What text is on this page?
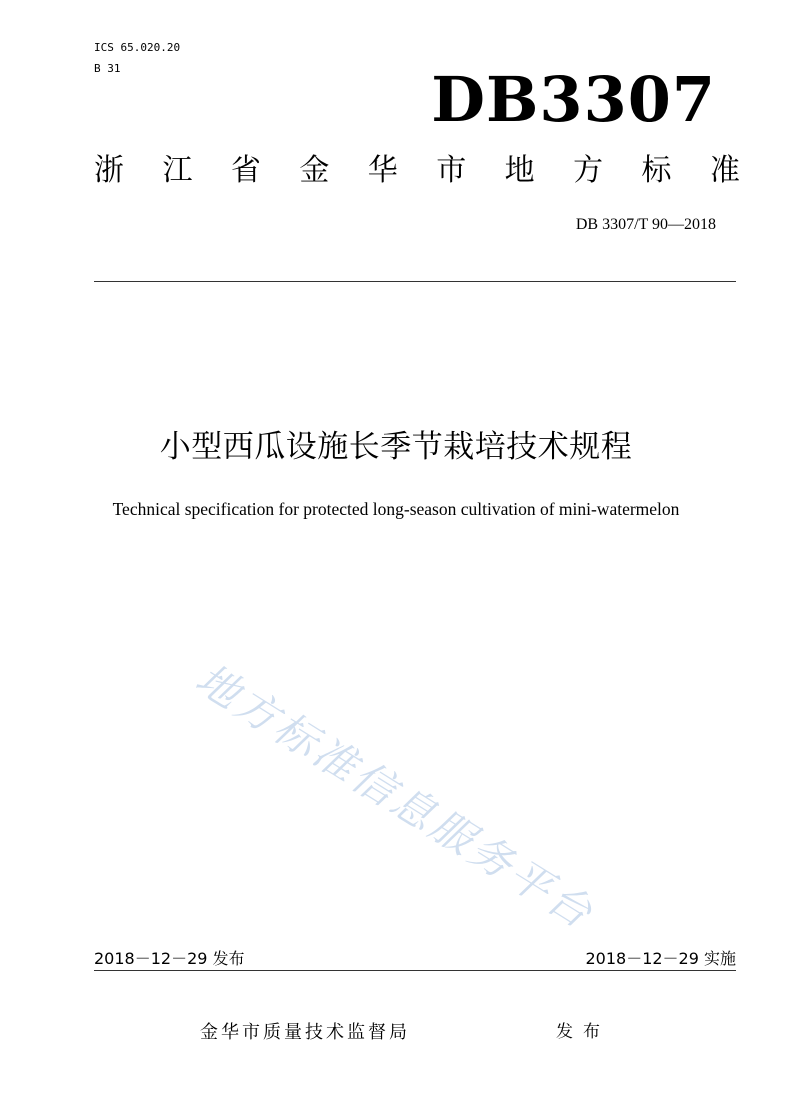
ICS 65.020.20
B 31	DB3307
浙 江 省 金 华 市 地 方 标 准
DB 3307/T 90—2018
小型西瓜设施长季节栽培技术规程
Technical specification for protected long-season cultivation of mini-watermelon
地方标准信息服务平台
2018－12－29 发布	2018－12－29 实施
金华市质量技术监督局	发布
